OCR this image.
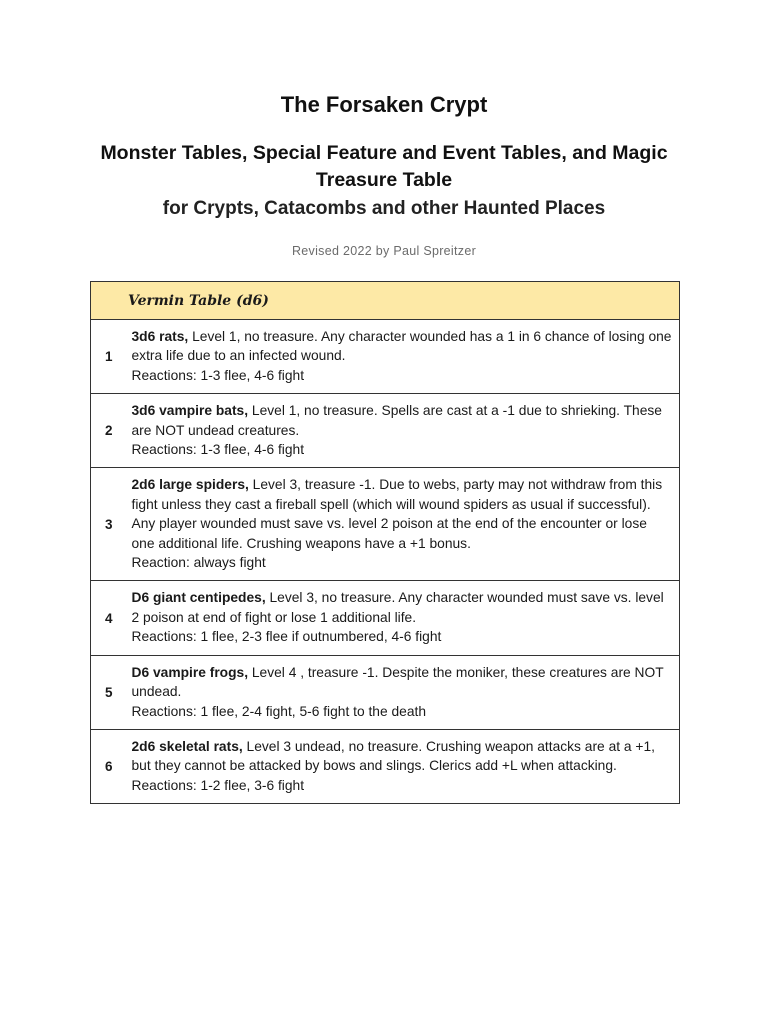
The Forsaken Crypt
Monster Tables, Special Feature and Event Tables, and Magic Treasure Table
for Crypts, Catacombs and other Haunted Places

Revised 2022 by Paul Spreitzer

Vermin Table (d6)	
1	3d6 rats, Level 1, no treasure. Any character wounded has a 1 in 6 chance of losing one extra life due to an infected wound.

Reactions: 1-3 flee, 4-6 fight

2	3d6 vampire bats, Level 1, no treasure. Spells are cast at a -1 due to shrieking. These are NOT undead creatures.

Reactions: 1-3 flee, 4-6 fight

3	2d6 large spiders, Level 3, treasure -1. Due to webs, party may not withdraw from this fight unless they cast a fireball spell (which will wound spiders as usual if successful). Any player wounded must save vs. level 2 poison at the end of the encounter or lose one additional life. Crushing weapons have a +1 bonus.

Reaction: always fight

4	D6 giant centipedes, Level 3, no treasure. Any character wounded must save vs. level 2 poison at end of fight or lose 1 additional life.

Reactions: 1 flee, 2-3 flee if outnumbered, 4-6 fight

5	D6 vampire frogs, Level 4 , treasure -1. Despite the moniker, these creatures are NOT undead.

Reactions: 1 flee, 2-4 fight, 5-6 fight to the death

6	2d6 skeletal rats, Level 3 undead, no treasure. Crushing weapon attacks are at a +1, but they cannot be attacked by bows and slings. Clerics add +L when attacking.

Reactions: 1-2 flee, 3-6 fight
